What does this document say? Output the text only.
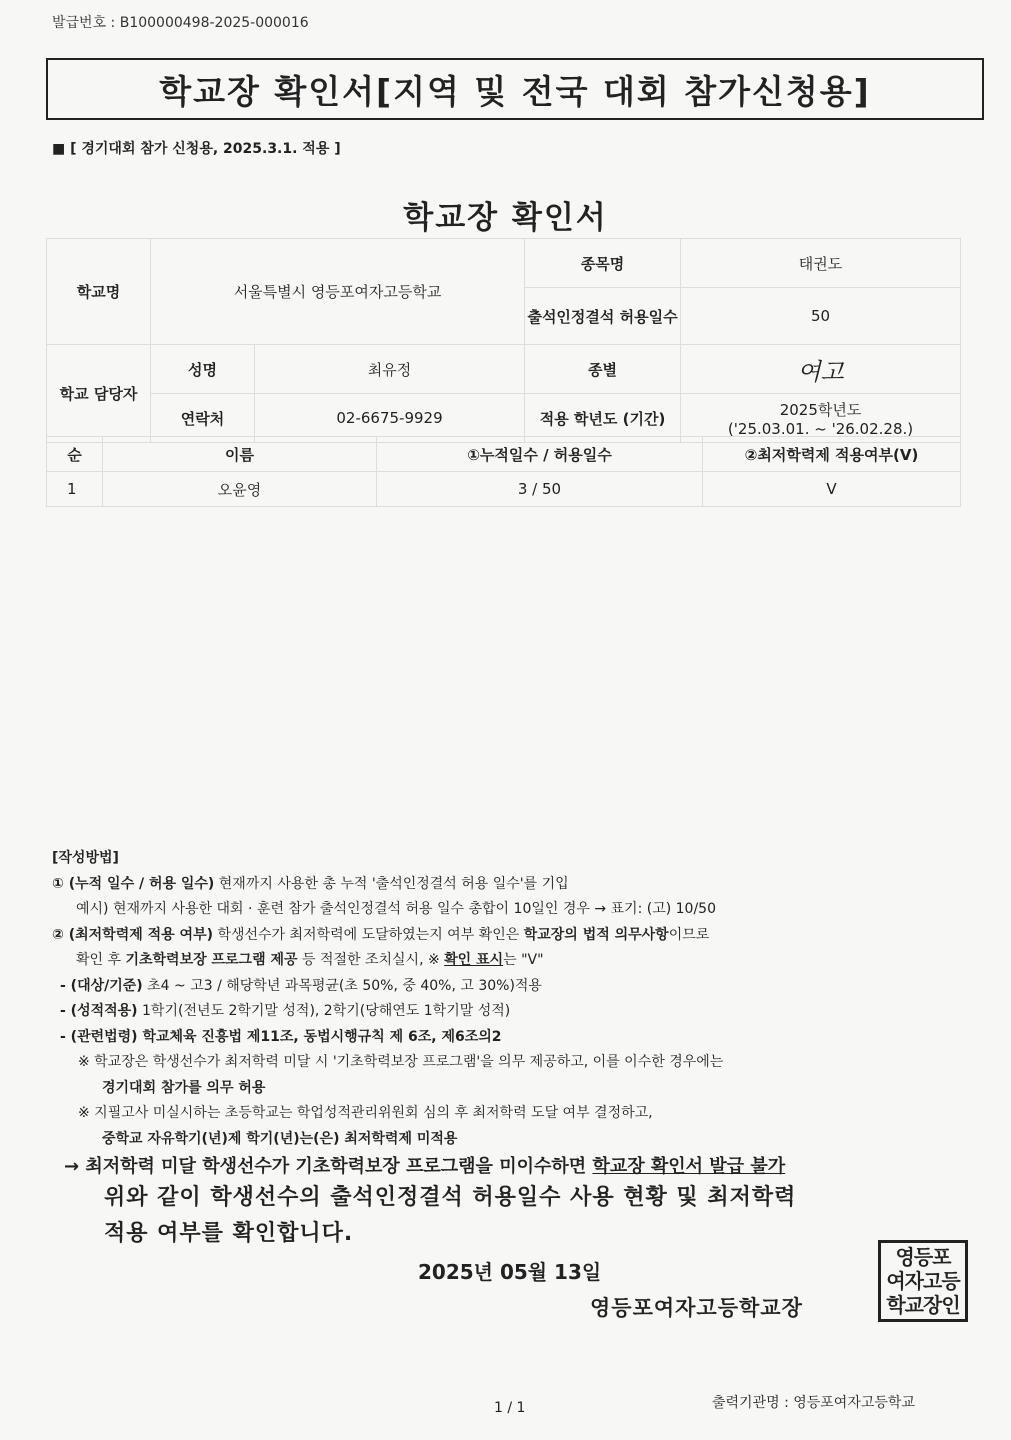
발급번호 : B100000498-2025-000016
학교장 확인서[지역 및 전국 대회 참가신청용]
■ [ 경기대회 참가 신청용, 2025.3.1. 적용 ]
학교장 확인서
학교명	서울특별시 영등포여자고등학교		종목명	태권도
			출석인정결석 허용일수	50
학교 담당자	성명	최유정	종별	여고
	연락처	02-6675-9929	적용 학년도 (기간)	2025학년도
('25.03.01. ~ '26.02.28.)
순	이름	①누적일수 / 허용일수	②최저학력제 적용여부(V)
1	오윤영	3 / 50	V
[작성방법]
① (누적 일수 / 허용 일수) 현재까지 사용한 총 누적 '출석인정결석 허용 일수'를 기입
예시) 현재까지 사용한 대회 · 훈련 참가 출석인정결석 허용 일수 총합이 10일인 경우 → 표기: (고) 10/50
② (최저학력제 적용 여부) 학생선수가 최저학력에 도달하였는지 여부 확인은 학교장의 법적 의무사항이므로
확인 후 기초학력보장 프로그램 제공 등 적절한 조치실시, ※ 확인 표시는 "V"
- (대상/기준) 초4 ~ 고3 / 해당학년 과목평균(초 50%, 중 40%, 고 30%)적용
- (성적적용) 1학기(전년도 2학기말 성적), 2학기(당해연도 1학기말 성적)
- (관련법령) 학교체육 진흥법 제11조, 동법시행규칙 제 6조, 제6조의2
※ 학교장은 학생선수가 최저학력 미달 시 '기초학력보장 프로그램'을 의무 제공하고, 이를 이수한 경우에는
경기대회 참가를 의무 허용
※ 지필고사 미실시하는 초등학교는 학업성적관리위원회 심의 후 최저학력 도달 여부 결정하고,
중학교 자유학기(년)제 학기(년)는(은) 최저학력제 미적용
→ 최저학력 미달 학생선수가 기초학력보장 프로그램을 미이수하면 학교장 확인서 발급 불가
위와 같이 학생선수의 출석인정결석 허용일수 사용 현황 및 최저학력
적용 여부를 확인합니다.
2025년 05월 13일
영등포여자고등학교장
영등포
여자고등
학교장인
1 / 1	출력기관명 : 영등포여자고등학교
